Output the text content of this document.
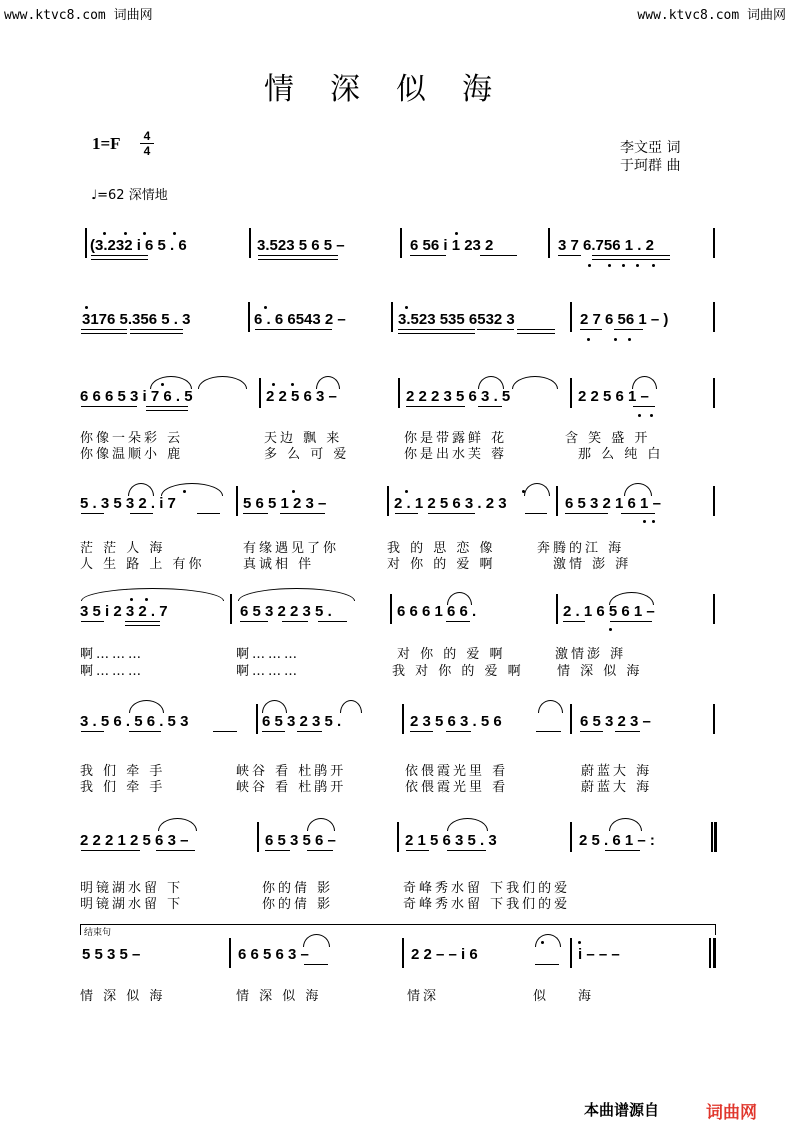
www.ktvc8.com 词曲网	www.ktvc8.com 词曲网
情深似海
1=F	4
4	李文亞 词
于珂群 曲
♩=62 深情地
(3.232 i 6 5 . 6	3.523 5 6 5 –	6 56 i 1 23 2	3 7 6.756 1 . 2
3176 5.356 5 . 3	6 . 6 6543 2 –	3.523 535 6532 3	2 7 6 56 1 – )
6 6 6 5 3 i 7 6 . 5	2 2 5 6 3 –	2 2 2 3 5 6 3 . 5	2 2 5 6 1 –
5 . 3 5 3 2 . i 7	5 6 5 1 2 3 –	2 . 1 2 5 6 3 . 2 3	6 5 3 2 1 6 1 –
3 5 i 2 3 2 . 7	6 5 3 2 2 3 5 .	6 6 6 1 6 6 .	2 . 1 6 5 6 1 –
3 . 5 6 . 5 6 . 5 3	6 5 3 2 3 5 .	2 3 5 6 3 . 5 6	6 5 3 2 3 –
2 2 2 1 2 5 6 3 –	6 5 3 5 6 –	2 1 5 6 3 5 . 3	2 5 . 6 1 – :
5 5 3 5 –	6 6 5 6 3 –	2 2 – – i 6	i – – –
你像一朵彩 云	天边 飘 来	你是带露鲜 花	含 笑 盛 开
你像温顺小 鹿	多 么 可 爱	你是出水芙 蓉	那 么 纯 白
茫 茫 人 海	有缘遇见了你	我 的 思 恋 像	奔腾的江 海
人 生 路 上 有你	真诚相 伴	对 你 的 爱 啊	激情 澎 湃
啊………	啊………	对 你 的 爱 啊	激情澎 湃
啊………	啊………	我 对 你 的 爱 啊	情 深 似 海
我 们 牵 手	峡谷 看 杜鹃开	依偎霞光里 看	蔚蓝大 海
我 们 牵 手	峡谷 看 杜鹃开	依偎霞光里 看	蔚蓝大 海
明镜湖水留 下	你的倩 影	奇峰秀水留 下我们的爱
明镜湖水留 下	你的倩 影	奇峰秀水留 下我们的爱
情 深 似 海	情 深 似 海	情深	似 海
结束句
本曲谱源自	词曲网
